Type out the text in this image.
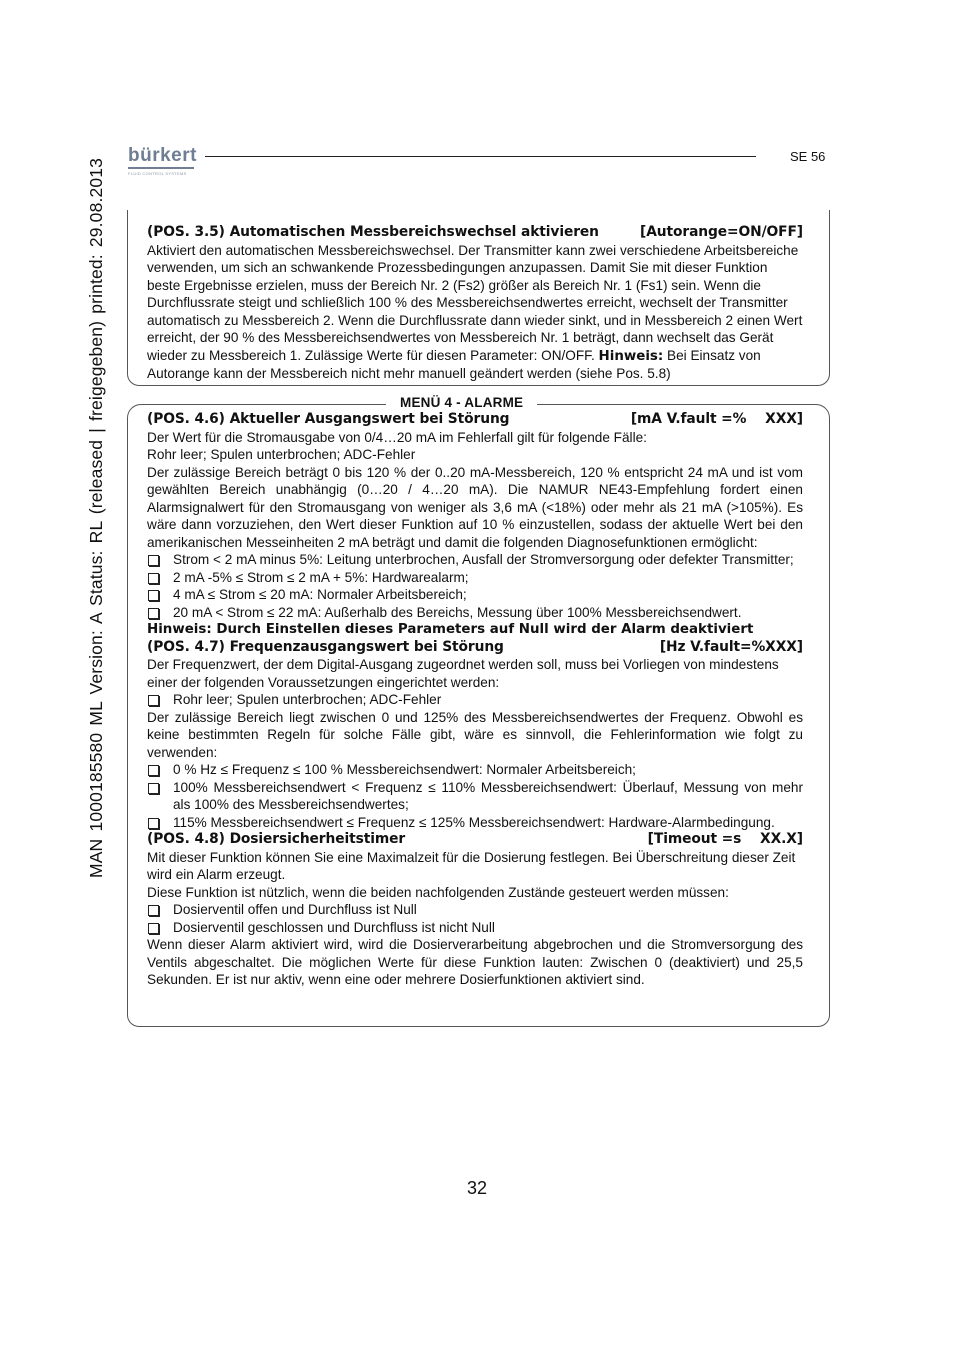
MAN 1000185580 ML Version: A Status: RL (released | freigegeben) printed: 29.08.2013
bürkert
FLUID CONTROL SYSTEMS
SE 56
(POS. 3.5) Automatischen Messbereichswechsel aktivieren	[Autorange=ON/OFF]

Aktiviert den automatischen Messbereichswechsel. Der Transmitter kann zwei verschiedene Arbeitsbereiche verwenden, um sich an schwankende Prozessbedingungen anzupassen. Damit Sie mit dieser Funktion beste Ergebnisse erzielen, muss der Bereich Nr. 2 (Fs2) größer als Bereich Nr. 1 (Fs1) sein. Wenn die Durchflussrate steigt und schließlich 100 % des Messbereichsendwertes erreicht, wechselt der Transmitter automatisch zu Messbereich 2. Wenn die Durchflussrate dann wieder sinkt, und in Messbereich 2 einen Wert erreicht, der 90 % des Messbereichsendwertes von Messbereich Nr. 1 beträgt, dann wechselt das Gerät wieder zu Messbereich 1. Zulässige Werte für diesen Parameter: ON/OFF. Hinweis: Bei Einsatz von Autorange kann der Messbereich nicht mehr manuell geändert werden (siehe Pos. 5.8)

MENÜ 4 - ALARME
(POS. 4.6) Aktueller Ausgangswert bei Störung	[mA V.fault =%    XXX]

Der Wert für die Stromausgabe von 0/4…20 mA im Fehlerfall gilt für folgende Fälle:

Rohr leer; Spulen unterbrochen; ADC-Fehler

Der zulässige Bereich beträgt 0 bis 120 % der 0..20 mA-Messbereich, 120 % entspricht 24 mA und ist vom gewählten Bereich unabhängig (0…20 / 4…20 mA). Die NAMUR NE43-Empfehlung fordert einen Alarmsignalwert für den Stromausgang von weniger als 3,6 mA (<18%) oder mehr als 21 mA (>105%). Es wäre dann vorzuziehen, den Wert dieser Funktion auf 10 % einzustellen, sodass der aktuelle Wert bei den amerikanischen Messeinheiten 2 mA beträgt und damit die folgenden Diagnosefunktionen ermöglicht:

Strom < 2 mA minus 5%: Leitung unterbrochen, Ausfall der Stromversorgung oder defekter Transmitter;
2 mA -5% ≤ Strom ≤ 2 mA + 5%: Hardwarealarm;
4 mA ≤ Strom ≤ 20 mA: Normaler Arbeitsbereich;
20 mA < Strom ≤ 22 mA: Außerhalb des Bereichs, Messung über 100% Messbereichsendwert.

Hinweis: Durch Einstellen dieses Parameters auf Null wird der Alarm deaktiviert

(POS. 4.7) Frequenzausgangswert bei Störung	[Hz V.fault=%XXX]

Der Frequenzwert, der dem Digital-Ausgang zugeordnet werden soll, muss bei Vorliegen von mindestens einer der folgenden Voraussetzungen eingerichtet werden:

Rohr leer; Spulen unterbrochen; ADC-Fehler

Der zulässige Bereich liegt zwischen 0 und 125% des Messbereichsendwertes der Frequenz. Obwohl es keine bestimmten Regeln für solche Fälle gibt, wäre es sinnvoll, die Fehlerinformation wie folgt zu verwenden:

0 % Hz ≤ Frequenz ≤ 100 % Messbereichsendwert: Normaler Arbeitsbereich;
100% Messbereichsendwert < Frequenz ≤ 110% Messbereichsendwert: Überlauf, Messung von mehr als 100% des Messbereichsendwertes;
115% Messbereichsendwert ≤ Frequenz ≤ 125% Messbereichsendwert: Hardware-Alarmbedingung.
(POS. 4.8) Dosiersicherheitstimer	[Timeout =s    XX.X]

Mit dieser Funktion können Sie eine Maximalzeit für die Dosierung festlegen. Bei Überschreitung dieser Zeit wird ein Alarm erzeugt.

Diese Funktion ist nützlich, wenn die beiden nachfolgenden Zustände gesteuert werden müssen:

Dosierventil offen und Durchfluss ist Null
Dosierventil geschlossen und Durchfluss ist nicht Null

Wenn dieser Alarm aktiviert wird, wird die Dosierverarbeitung abgebrochen und die Stromversorgung des Ventils abgeschaltet. Die möglichen Werte für diese Funktion lauten: Zwischen 0 (deaktiviert) und 25,5 Sekunden. Er ist nur aktiv, wenn eine oder mehrere Dosierfunktionen aktiviert sind.

32
